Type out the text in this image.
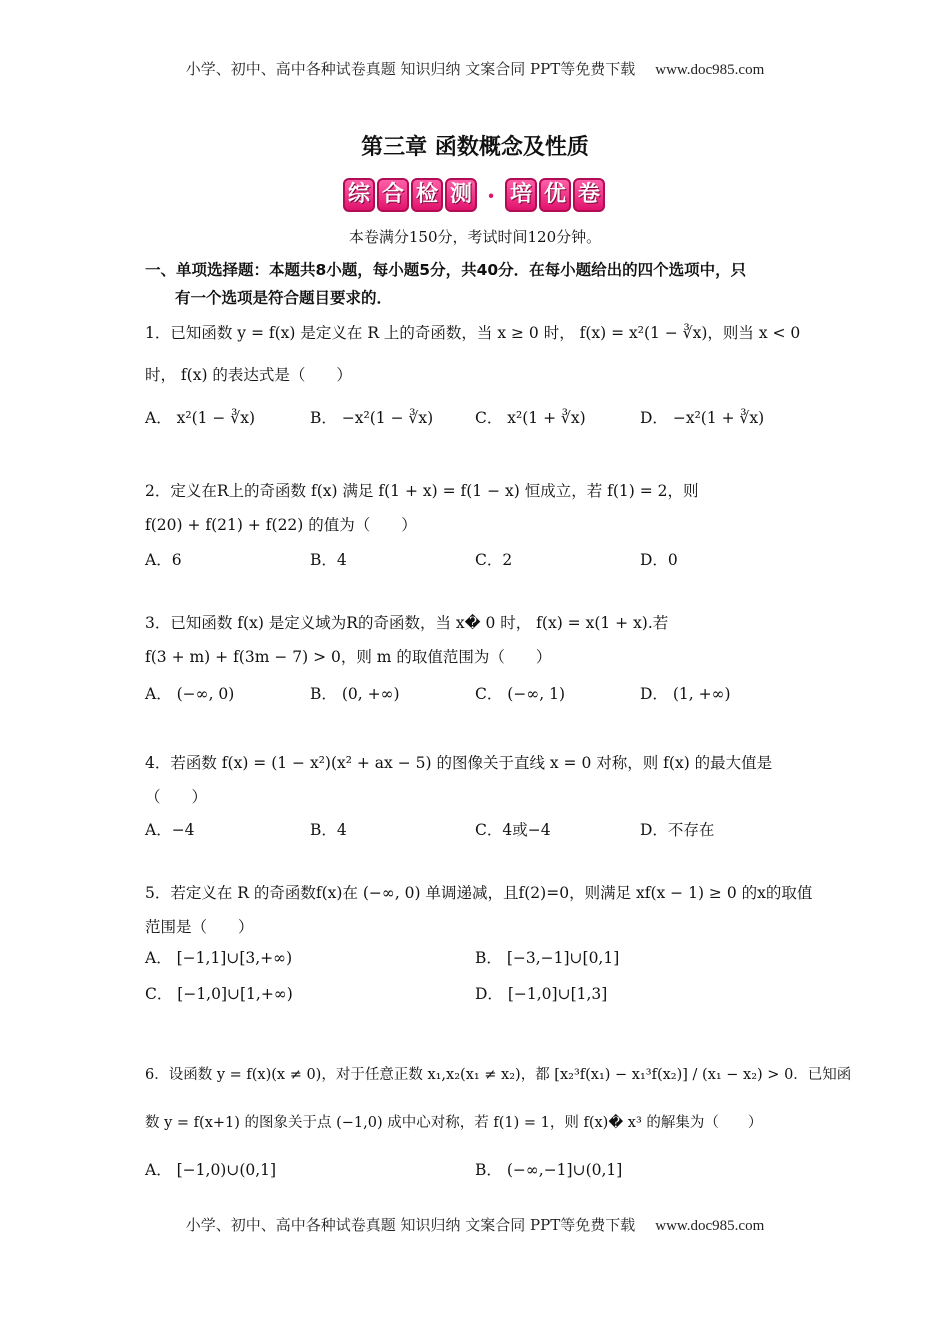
小学、初中、高中各种试卷真题 知识归纳 文案合同 PPT等免费下载 www.doc985.com
第三章 函数概念及性质
综 合 检 测 · 培 优 卷
本卷满分150分，考试时间120分钟。
一、单项选择题：本题共8小题，每小题5分，共40分．在每小题给出的四个选项中，只
有一个选项是符合题目要求的．
1．已知函数 y = f(x) 是定义在 R 上的奇函数，当 x ≥ 0 时， f(x) = x²(1 − ∛x)，则当 x < 0
时， f(x) 的表达式是（　　）
A． x²(1 − ∛x)	B． −x²(1 − ∛x)	C． x²(1 + ∛x)	D． −x²(1 + ∛x)
2．定义在R上的奇函数 f(x) 满足 f(1 + x) = f(1 − x) 恒成立，若 f(1) = 2，则
f(20) + f(21) + f(22) 的值为（　　）
A．6	B．4	C．2	D．0
3．已知函数 f(x) 是定义域为R的奇函数，当 x� 0 时， f(x) = x(1 + x).若
f(3 + m) + f(3m − 7) > 0，则 m 的取值范围为（　　）
A． (−∞, 0)	B． (0, +∞)	C． (−∞, 1)	D． (1, +∞)
4．若函数 f(x) = (1 − x²)(x² + ax − 5) 的图像关于直线 x = 0 对称，则 f(x) 的最大值是
（　　）
A．−4	B．4	C．4或−4	D．不存在
5．若定义在 R 的奇函数f(x)在 (−∞, 0) 单调递减，且f(2)=0，则满足 xf(x − 1) ≥ 0 的x的取值
范围是（　　）
A． [−1,1]∪[3,+∞)	B． [−3,−1]∪[0,1]
C． [−1,0]∪[1,+∞)	D． [−1,0]∪[1,3]
6．设函数 y = f(x)(x ≠ 0)，对于任意正数 x₁,x₂(x₁ ≠ x₂)，都 [x₂³f(x₁) − x₁³f(x₂)] / (x₁ − x₂) > 0．已知函
数 y = f(x+1) 的图象关于点 (−1,0) 成中心对称，若 f(1) = 1，则 f(x)� x³ 的解集为（　　）
A． [−1,0)∪(0,1]	B． (−∞,−1]∪(0,1]
小学、初中、高中各种试卷真题 知识归纳 文案合同 PPT等免费下载 www.doc985.com
